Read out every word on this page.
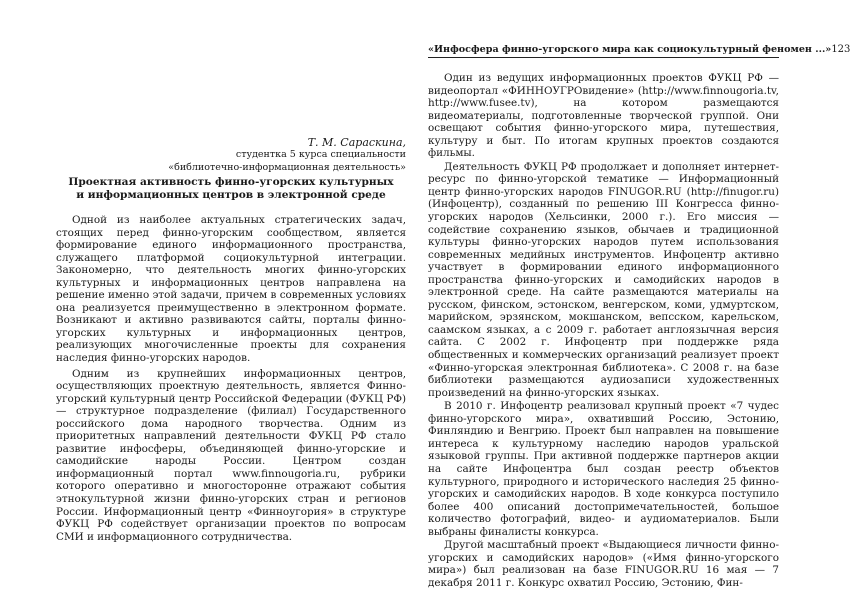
«Инфосфера финно-угорского мира как социокультурный феномен ...» 123
Т. М. Сараскина,
студентка 5 курса специальности
«библиотечно-информационная деятельность»
Проектная активность финно-угорских культурных
и информационных центров в электронной среде

Одной из наиболее актуальных стратегических задач, стоящих перед финно-угорским сообществом, является формирование единого информационного пространства, служащего платформой социокультурной интеграции. Закономерно, что деятельность многих финно-угорских культурных и информационных центров направлена на решение именно этой задачи, причем в современных условиях она реализуется преимущественно в электронном формате. Возникают и активно развиваются сайты, порталы финно-угорских культурных и информационных центров, реализующих многочисленные проекты для сохранения наследия финно-угорских народов.

Одним из крупнейших информационных центров, осуществляющих проектную деятельность, является Финно-угорский культурный центр Российской Федерации (ФУКЦ РФ) — структурное подразделение (филиал) Государственного российского дома народного творчества. Одним из приоритетных направлений деятельности ФУКЦ РФ стало развитие инфосферы, объединяющей финно-угорские и самодийские народы России. Центром создан информационный портал www.finnougoria.ru, рубрики которого оперативно и многосторонне отражают события этнокультурной жизни финно-угорских стран и регионов России. Информационный центр «Финноугория» в структуре ФУКЦ РФ содействует организации проектов по вопросам СМИ и информационного сотрудничества.

Один из ведущих информационных проектов ФУКЦ РФ — видеопортал «ФИННОУГРОвидение» (http://www.finnougoria.tv, http://www.fusee.tv), на котором размещаются видеоматериалы, подготовленные творческой группой. Они освещают события финно-угорского мира, путешествия, культуру и быт. По итогам крупных проектов создаются фильмы.

Деятельность ФУКЦ РФ продолжает и дополняет интернет-ресурс по финно-угорской тематике — Информационный центр финно-угорских народов FINUGOR.RU (http://finugor.ru) (Инфоцентр), созданный по решению III Конгресса финно-угорских народов (Хельсинки, 2000 г.). Его миссия — содействие сохранению языков, обычаев и традиционной культуры финно-угорских народов путем использования современных медийных инструментов. Инфоцентр активно участвует в формировании единого информационного пространства финно-угорских и самодийских народов в электронной среде. На сайте размещаются материалы на русском, финском, эстонском, венгерском, коми, удмуртском, марийском, эрзянском, мокшанском, вепсском, карельском, саамском языках, а с 2009 г. работает англоязычная версия сайта. С 2002 г. Инфоцентр при поддержке ряда общественных и коммерческих организаций реализует проект «Финно-угорская электронная библиотека». С 2008 г. на базе библиотеки размещаются аудиозаписи художественных произведений на финно-угорских языках.

В 2010 г. Инфоцентр реализовал крупный проект «7 чудес финно-угорского мира», охвативший Россию, Эстонию, Финляндию и Венгрию. Проект был направлен на повышение интереса к культурному наследию народов уральской языковой группы. При активной поддержке партнеров акции на сайте Инфоцентра был создан реестр объектов культурного, природного и исторического наследия 25 финно-угорских и самодийских народов. В ходе конкурса поступило более 400 описаний достопримечательностей, большое количество фотографий, видео- и аудиоматериалов. Были выбраны финалисты конкурса.

Другой масштабный проект «Выдающиеся личности финно-угорских и самодийских народов» («Имя финно-угорского мира») был реализован на базе FINUGOR.RU 16 мая — 7 декабря 2011 г. Конкурс охватил Россию, Эстонию, Фин-
